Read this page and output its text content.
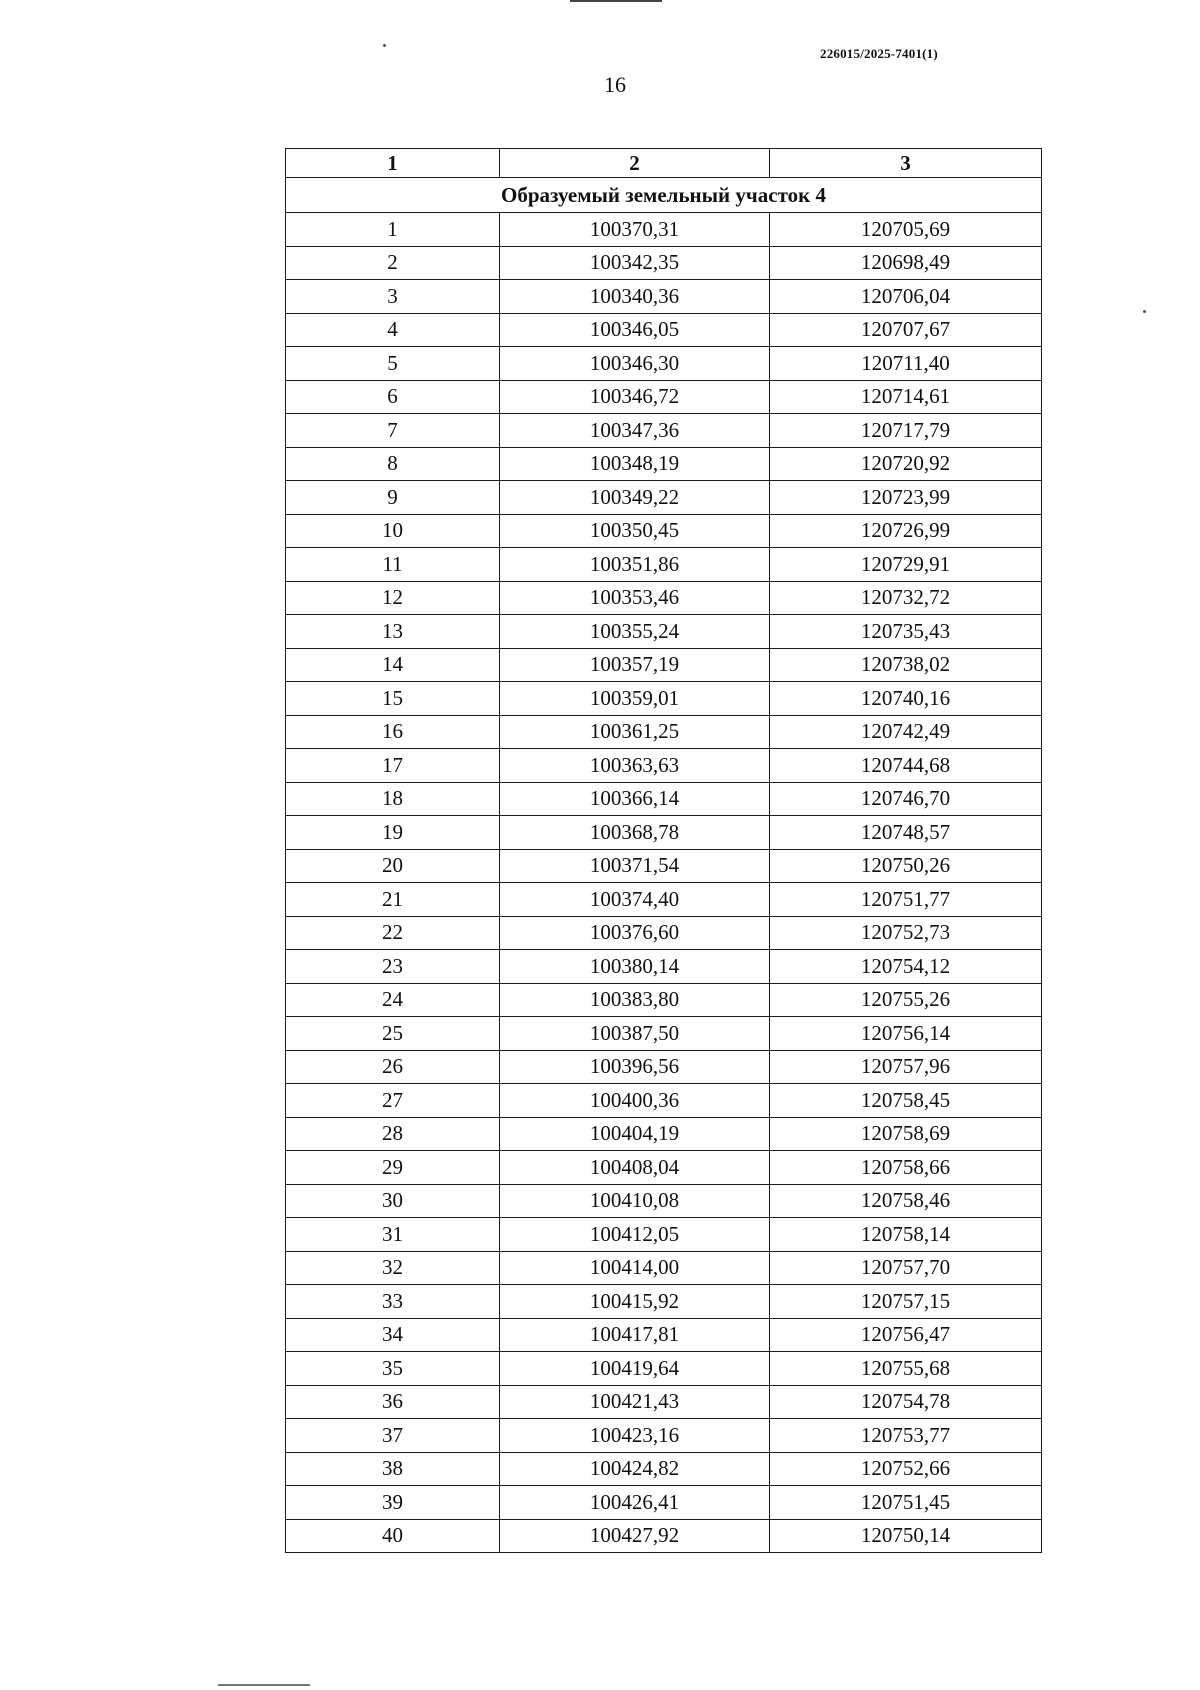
226015/2025-7401(1)
16
1	2	3
Образуемый земельный участок 4		
1	100370,31	120705,69
2	100342,35	120698,49
3	100340,36	120706,04
4	100346,05	120707,67
5	100346,30	120711,40
6	100346,72	120714,61
7	100347,36	120717,79
8	100348,19	120720,92
9	100349,22	120723,99
10	100350,45	120726,99
11	100351,86	120729,91
12	100353,46	120732,72
13	100355,24	120735,43
14	100357,19	120738,02
15	100359,01	120740,16
16	100361,25	120742,49
17	100363,63	120744,68
18	100366,14	120746,70
19	100368,78	120748,57
20	100371,54	120750,26
21	100374,40	120751,77
22	100376,60	120752,73
23	100380,14	120754,12
24	100383,80	120755,26
25	100387,50	120756,14
26	100396,56	120757,96
27	100400,36	120758,45
28	100404,19	120758,69
29	100408,04	120758,66
30	100410,08	120758,46
31	100412,05	120758,14
32	100414,00	120757,70
33	100415,92	120757,15
34	100417,81	120756,47
35	100419,64	120755,68
36	100421,43	120754,78
37	100423,16	120753,77
38	100424,82	120752,66
39	100426,41	120751,45
40	100427,92	120750,14
